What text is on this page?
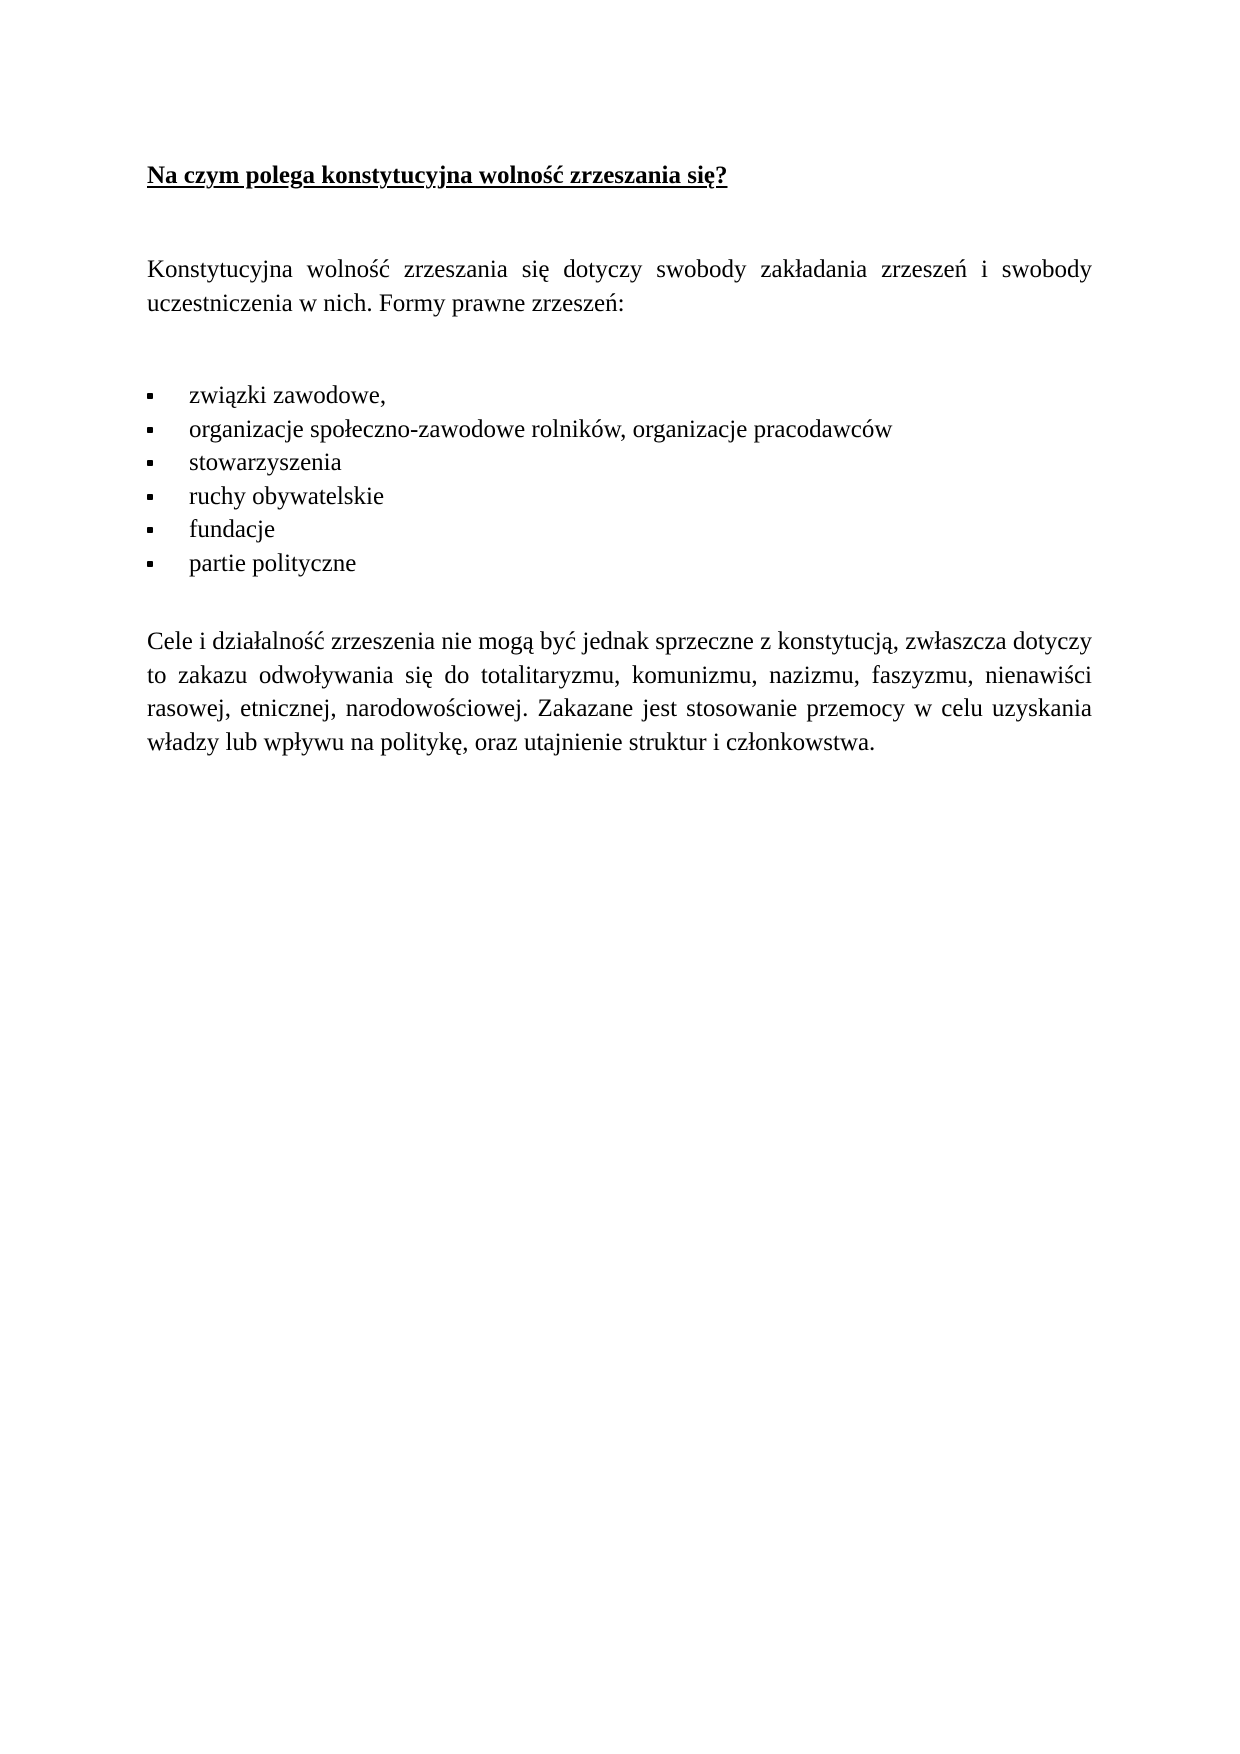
Na czym polega konstytucyjna wolność zrzeszania się?

Konstytucyjna wolność zrzeszania się dotyczy swobody zakładania zrzeszeń i swobody uczestniczenia w nich. Formy prawne zrzeszeń:

związki zawodowe,
organizacje społeczno-zawodowe rolników, organizacje pracodawców
stowarzyszenia
ruchy obywatelskie
fundacje
partie polityczne

Cele i działalność zrzeszenia nie mogą być jednak sprzeczne z konstytucją, zwłaszcza dotyczy to zakazu odwoływania się do totalitaryzmu, komunizmu, nazizmu, faszyzmu, nienawiści rasowej, etnicznej, narodowościowej. Zakazane jest stosowanie przemocy w celu uzyskania władzy lub wpływu na politykę, oraz utajnienie struktur i członkowstwa.
